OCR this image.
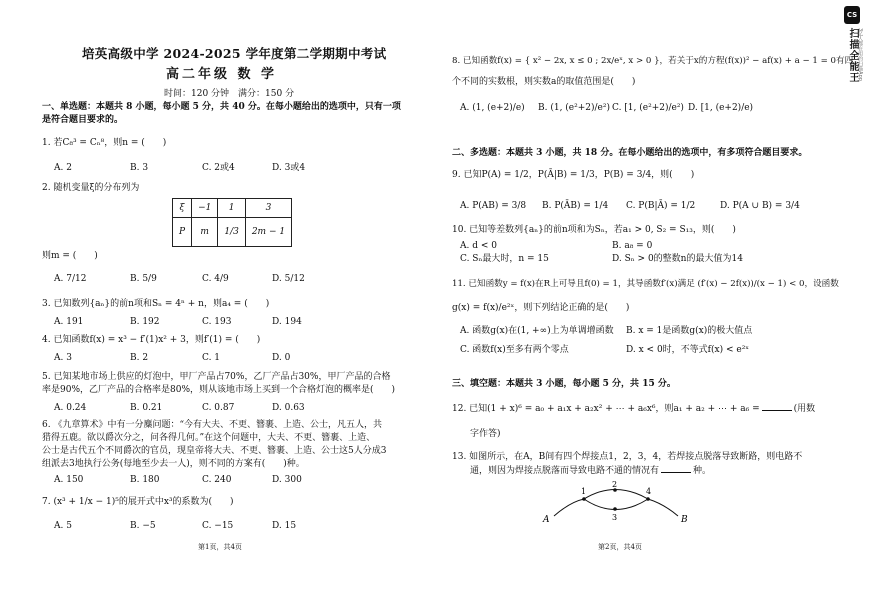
CS
扫描全能王 3亿人都在用的扫描App
培英高级中学 2024-2025 学年度第二学期期中考试
高二年级 数 学
时间：120 分钟　满分：150 分
一、单选题：本题共 8 小题，每小题 5 分，共 40 分。在每小题给出的选项中，只有一项
是符合题目要求的。
1. 若C₈³ = Cₙ⁸，则n = (　　)
A. 2	B. 3	C. 2或4	D. 3或4
2. 随机变量ξ的分布列为
ξ	−1	1	3
P	m	1/3	2m − 1
则m = (　　)
A. 7/12	B. 5/9	C. 4/9	D. 5/12
3. 已知数列{aₙ}的前n项和Sₙ = 4ⁿ + n，则a₄ = (　　)
A. 191	B. 192	C. 193	D. 194
4. 已知函数f(x) = x³ − f′(1)x² + 3，则f′(1) = (　　)
A. 3	B. 2	C. 1	D. 0
5. 已知某地市场上供应的灯泡中，甲厂产品占70%，乙厂产品占30%，甲厂产品的合格
率是90%，乙厂产品的合格率是80%，则从该地市场上买到一个合格灯泡的概率是(　　)
A. 0.24	B. 0.21	C. 0.87	D. 0.63
6. 《九章算术》中有一分麋问题：“今有大夫、不更、簪裹、上造、公士，凡五人，共
猎得五鹿。欲以爵次分之，问各得几何。”在这个问题中，大夫、不更、簪裹、上造、
公士是古代五个不同爵次的官员，现皇帝将大夫、不更、簪裹、上造、公士这5人分成3
组派去3地执行公务(每地至少去一人)，则不同的方案有(　　)种。
A. 150	B. 180	C. 240	D. 300
7. (x³ + 1/x − 1)⁵的展开式中x³的系数为(　　)
A. 5	B. −5	C. −15	D. 15
第1页，共4页
8. 已知函数f(x) = { x² − 2x, x ≤ 0 ; 2x/eˣ, x > 0 }，若关于x的方程(f(x))² − af(x) + a − 1 = 0有四
个不同的实数根，则实数a的取值范围是(　　)
A. (1, (e+2)/e) B. (1, (e²+2)/e²) C. [1, (e²+2)/e²) D. [1, (e+2)/e)
二、多选题：本题共 3 小题，共 18 分。在每小题给出的选项中，有多项符合题目要求。
9. 已知P(A) = 1/2，P(Ā|B) = 1/3，P(B) = 3/4，则(　　)
A. P(AB) = 3/8 B. P(ĀB) = 1/4 C. P(B|Ā) = 1/2	D. P(A ∪ B) = 3/4
10. 已知等差数列{aₙ}的前n项和为Sₙ，若a₁ > 0, S₂ = S₁₃，则(　　)
A. d < 0	B. a₈ = 0
C. Sₙ最大时，n = 15	D. Sₙ > 0的整数n的最大值为14
11. 已知函数y = f(x)在R上可导且f(0) = 1，其导函数f′(x)满足 (f′(x) − 2f(x))/(x − 1) < 0，设函数
g(x) = f(x)/e²ˣ，则下列结论正确的是(　　)
A. 函数g(x)在(1, +∞)上为单调增函数 B. x = 1是函数g(x)的极大值点
C. 函数f(x)至多有两个零点	D. x < 0时，不等式f(x) < e²ˣ
三、填空题：本题共 3 小题，每小题 5 分，共 15 分。
12. 已知(1 + x)⁶ = a₀ + a₁x + a₂x² + ⋯ + a₆x⁶，则a₁ + a₂ + ⋯ + a₆ =	(用数
字作答)
13. 如图所示，在A，B间有四个焊接点1，2，3，4，若焊接点脱落导致断路，则电路不
通，则因为焊接点脱落而导致电路不通的情况有	种。
A	B
1
2
3
4
第2页，共4页
